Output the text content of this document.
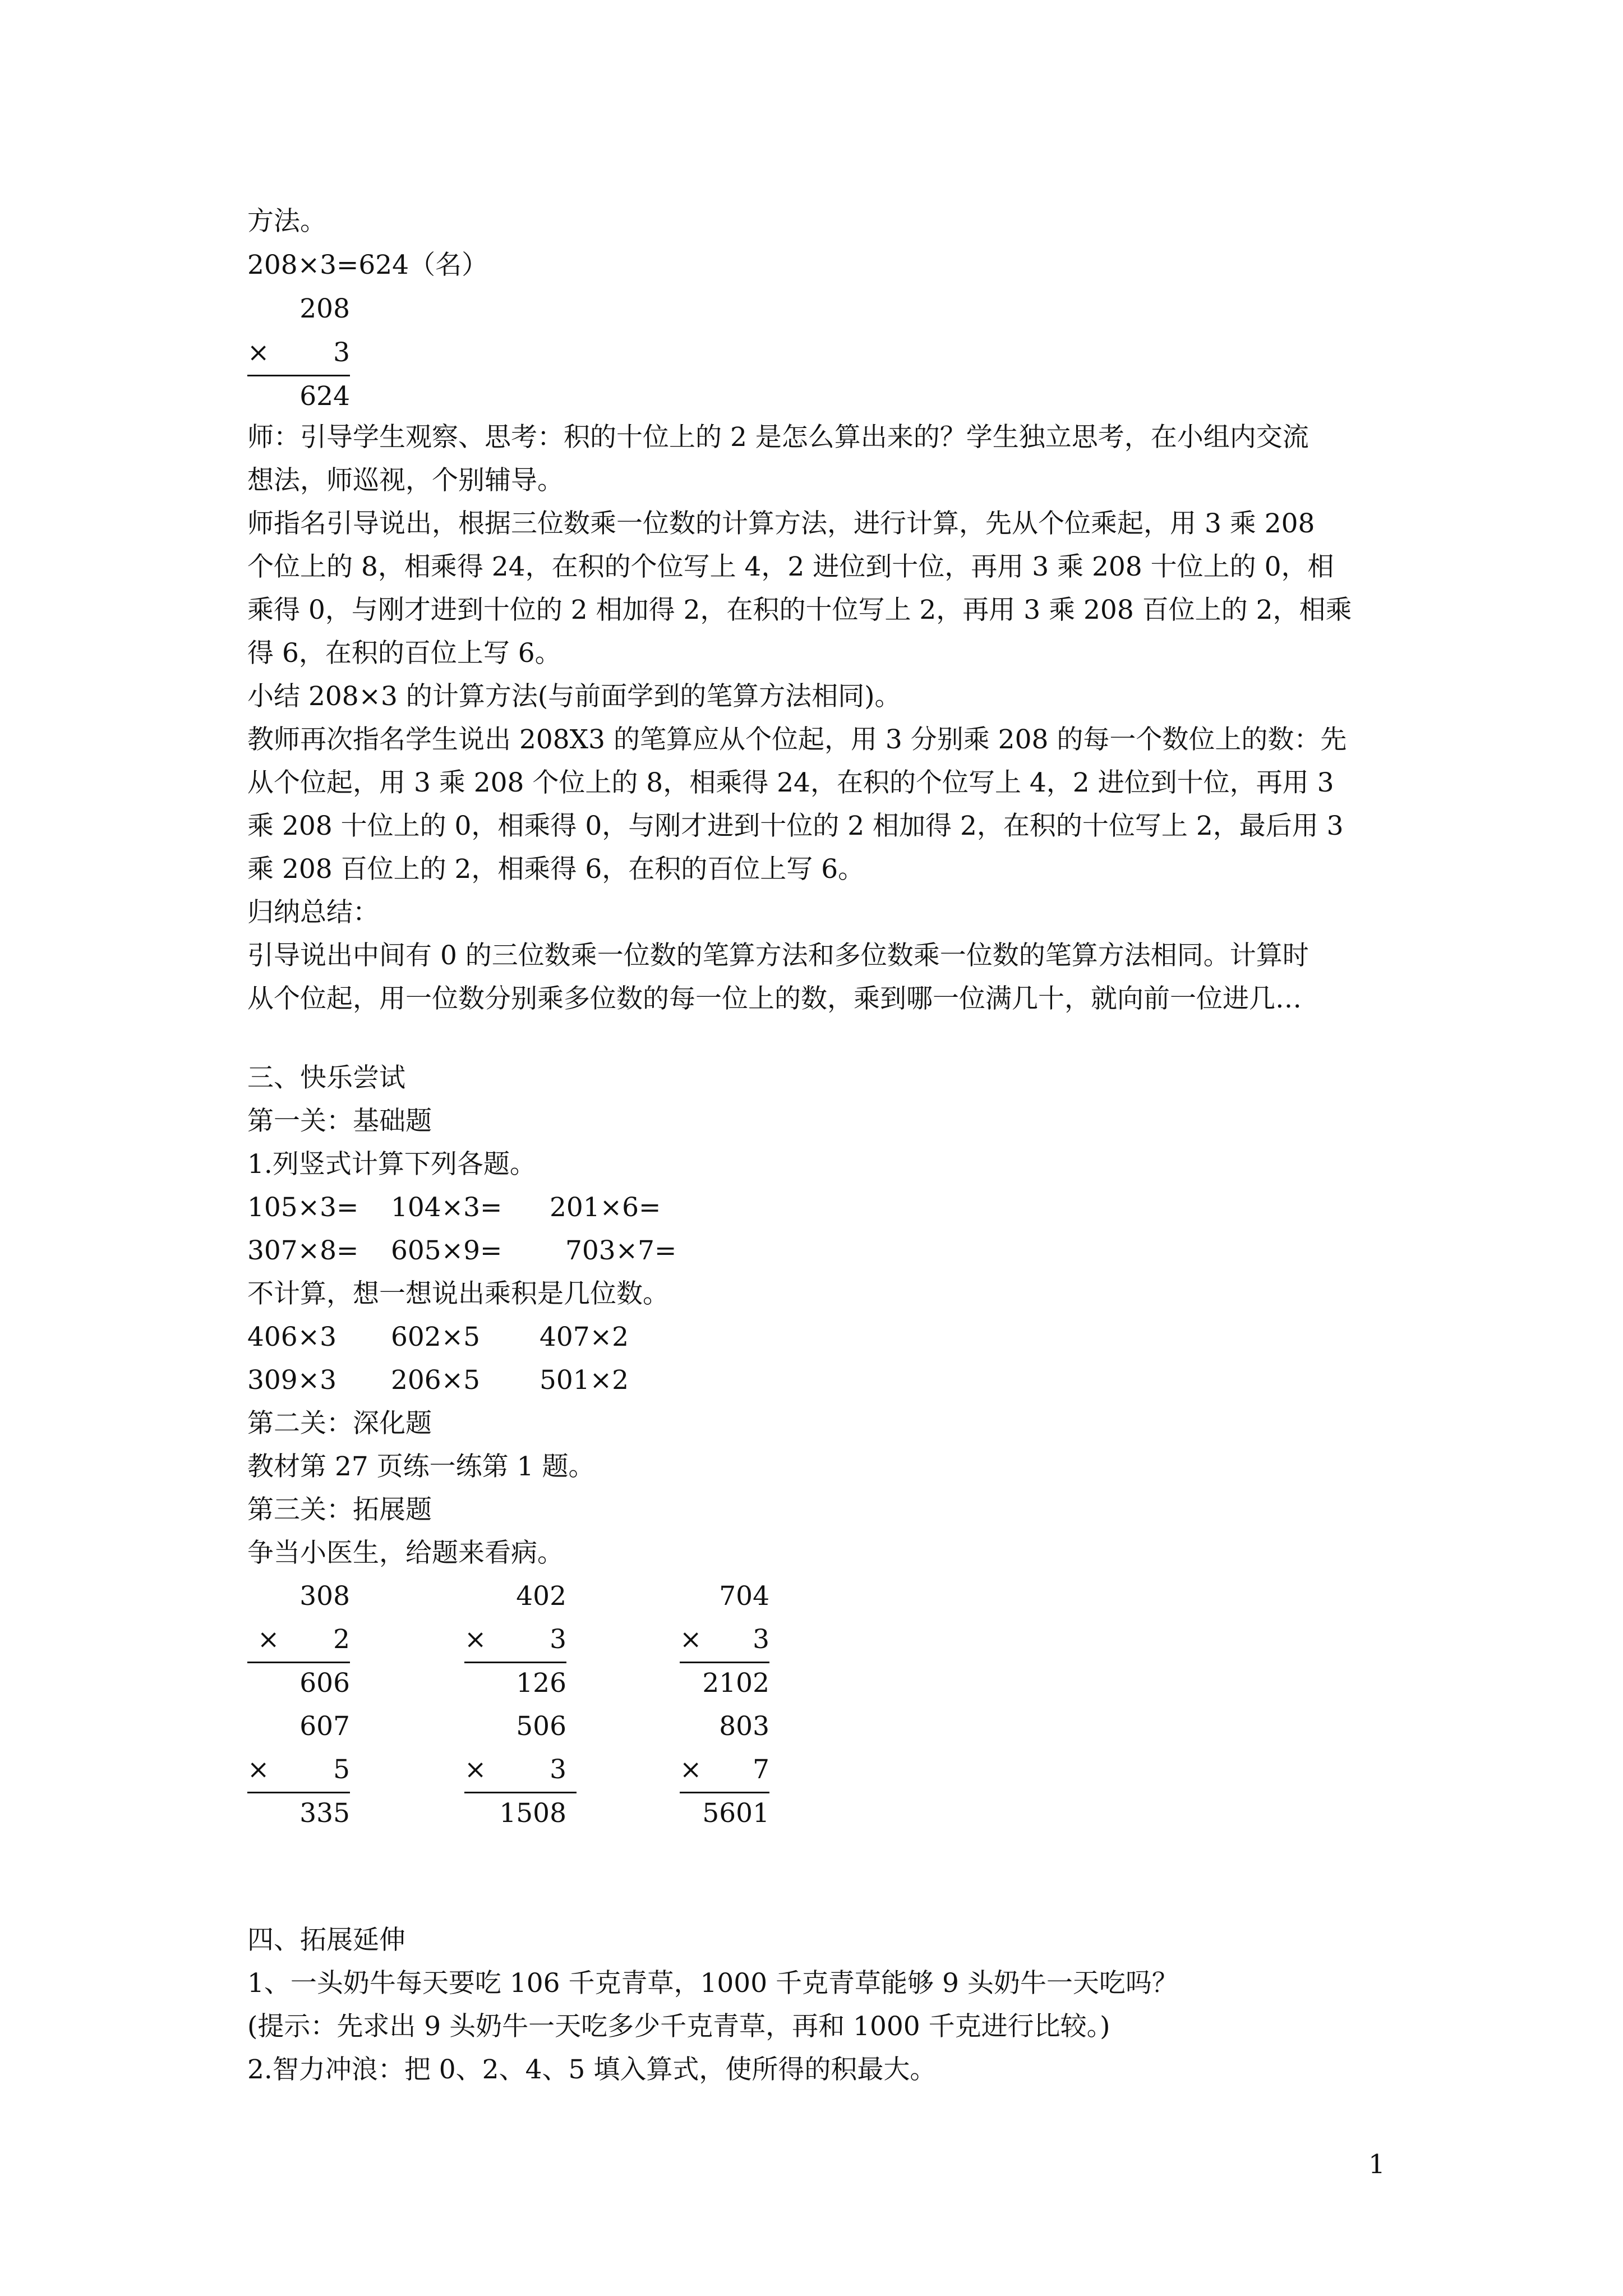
方法。

208×3=624（名）

208
× 3
624

师：引导学生观察、思考：积的十位上的 2 是怎么算出来的？学生独立思考，在小组内交流

想法，师巡视，个别辅导。

师指名引导说出，根据三位数乘一位数的计算方法，进行计算，先从个位乘起，用 3 乘 208

个位上的 8，相乘得 24，在积的个位写上 4，2 进位到十位，再用 3 乘 208 十位上的 0，相

乘得 0，与刚才进到十位的 2 相加得 2，在积的十位写上 2，再用 3 乘 208 百位上的 2，相乘

得 6，在积的百位上写 6。

小结 208×3 的计算方法(与前面学到的笔算方法相同)。

教师再次指名学生说出 208X3 的笔算应从个位起，用 3 分别乘 208 的每一个数位上的数：先

从个位起，用 3 乘 208 个位上的 8，相乘得 24，在积的个位写上 4，2 进位到十位，再用 3

乘 208 十位上的 0，相乘得 0，与刚才进到十位的 2 相加得 2，在积的十位写上 2，最后用 3

乘 208 百位上的 2，相乘得 6，在积的百位上写 6。

归纳总结：

引导说出中间有 0 的三位数乘一位数的笔算方法和多位数乘一位数的笔算方法相同。计算时

从个位起，用一位数分别乘多位数的每一位上的数，乘到哪一位满几十，就向前一位进几…

三、快乐尝试

第一关：基础题

1.列竖式计算下列各题。

105×3= 104×3= 201×6=
307×8= 605×9= 703×7=

不计算，想一想说出乘积是几位数。

406×3 602×5 407×2
309×3 206×5 501×2

第二关：深化题

教材第 27 页练一练第 1 题。

第三关：拓展题

争当小医生，给题来看病。

308
× 2
606
402
× 3
126
704
× 3
2102
607
× 5
335
506
× 3
1508
803
× 7
5601

四、拓展延伸

1、一头奶牛每天要吃 106 千克青草，1000 千克青草能够 9 头奶牛一天吃吗？

(提示：先求出 9 头奶牛一天吃多少千克青草，再和 1000 千克进行比较。)

2.智力冲浪：把 0、2、4、5 填入算式，使所得的积最大。

1
